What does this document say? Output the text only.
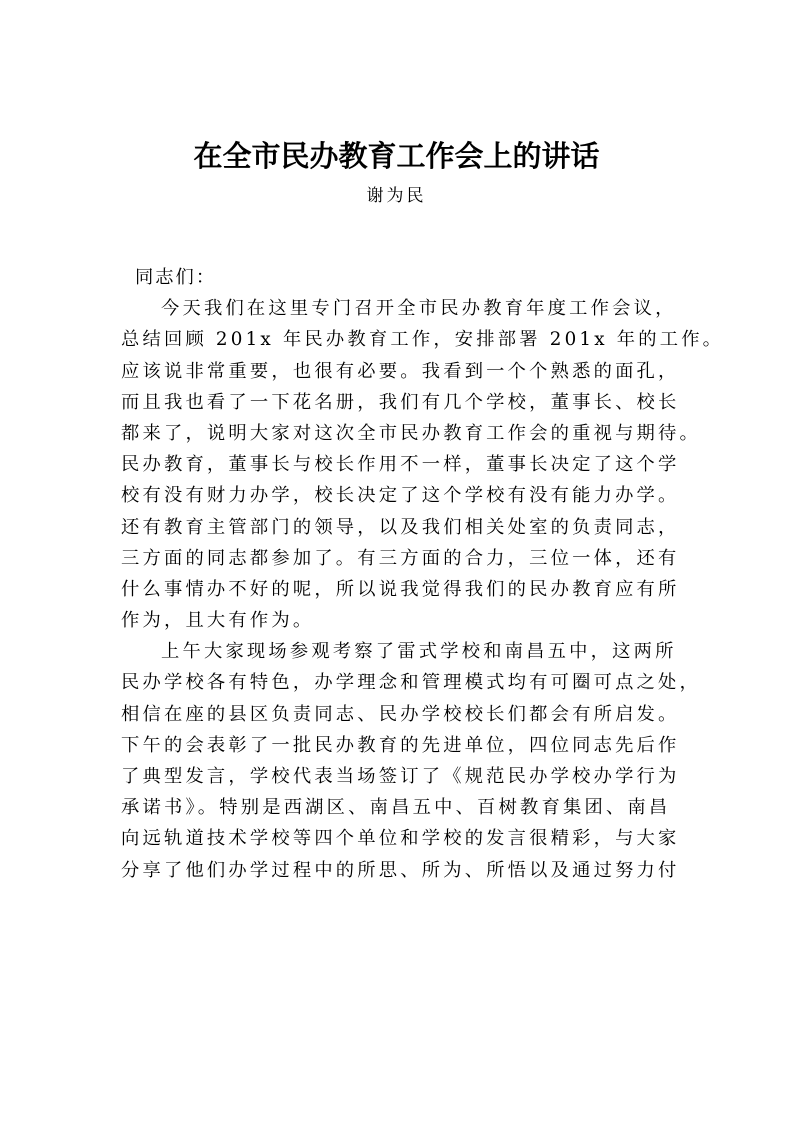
在全市民办教育工作会上的讲话
谢为民
同志们：
今天我们在这里专门召开全市民办教育年度工作会议，
总结回顾 201x 年民办教育工作，安排部署 201x 年的工作。
应该说非常重要，也很有必要。我看到一个个熟悉的面孔，
而且我也看了一下花名册，我们有几个学校，董事长、校长
都来了，说明大家对这次全市民办教育工作会的重视与期待。
民办教育，董事长与校长作用不一样，董事长决定了这个学
校有没有财力办学，校长决定了这个学校有没有能力办学。
还有教育主管部门的领导，以及我们相关处室的负责同志，
三方面的同志都参加了。有三方面的合力，三位一体，还有
什么事情办不好的呢，所以说我觉得我们的民办教育应有所
作为，且大有作为。
上午大家现场参观考察了雷式学校和南昌五中，这两所
民办学校各有特色，办学理念和管理模式均有可圈可点之处，
相信在座的县区负责同志、民办学校校长们都会有所启发。
下午的会表彰了一批民办教育的先进单位，四位同志先后作
了典型发言，学校代表当场签订了《规范民办学校办学行为
承诺书》。特别是西湖区、南昌五中、百树教育集团、南昌
向远轨道技术学校等四个单位和学校的发言很精彩，与大家
分享了他们办学过程中的所思、所为、所悟以及通过努力付
